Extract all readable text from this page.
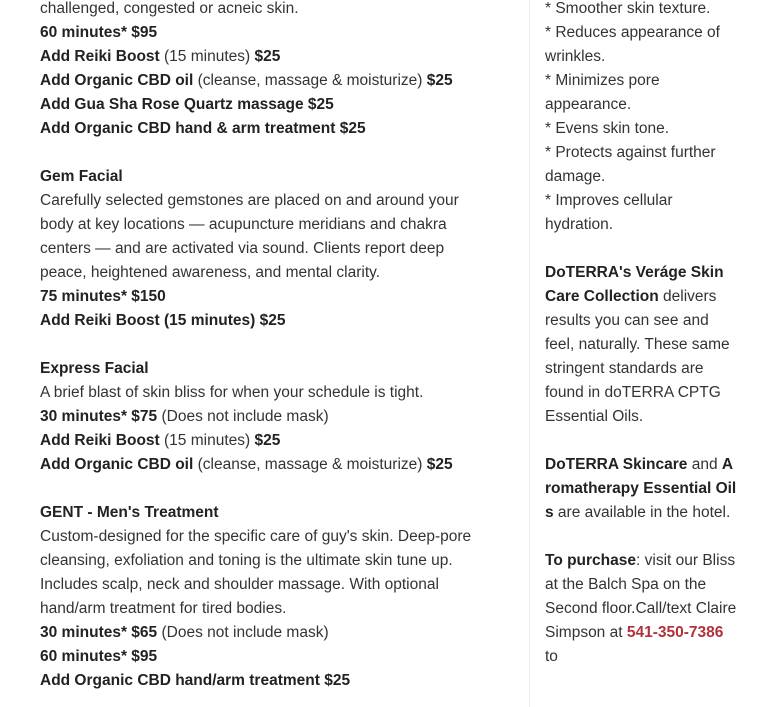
challenged, congested or acneic skin.
60 minutes* $95
Add Reiki Boost (15 minutes) $25
Add Organic CBD oil (cleanse, massage & moisturize) $25
Add Gua Sha Rose Quartz massage $25
Add Organic CBD hand & arm treatment $25
Gem Facial
Carefully selected gemstones are placed on and around your
body at key locations — acupuncture meridians and chakra
centers — and are activated via sound. Clients report deep
peace, heightened awareness, and mental clarity.
75 minutes* $150
Add Reiki Boost (15 minutes) $25
Express Facial
A brief blast of skin bliss for when your schedule is tight.
30 minutes* $75 (Does not include mask)
Add Reiki Boost (15 minutes) $25
Add Organic CBD oil (cleanse, massage & moisturize) $25
GENT - Men's Treatment
Custom-designed for the specific care of guy's skin. Deep-pore
cleansing, exfoliation and toning is the ultimate skin tune up.
Includes scalp, neck and shoulder massage. With optional
hand/arm treatment for tired bodies.
30 minutes* $65 (Does not include mask)
60 minutes* $95
Add Organic CBD hand/arm treatment $25
* Smoother skin texture.
* Reduces appearance of wrinkles.
* Minimizes pore appearance.
* Evens skin tone.
* Protects against further damage.
* Improves cellular hydration.
DoTERRA's Veráge Skin Care Collection delivers results you can see and feel, naturally. These same stringent standards are found in doTERRA CPTG Essential Oils.
DoTERRA Skincare and Aromatherapy Essential Oils are available in the hotel.
To purchase: visit our Bliss at the Balch Spa on the Second floor.Call/text Claire Simpson at 541-350-7386 to
